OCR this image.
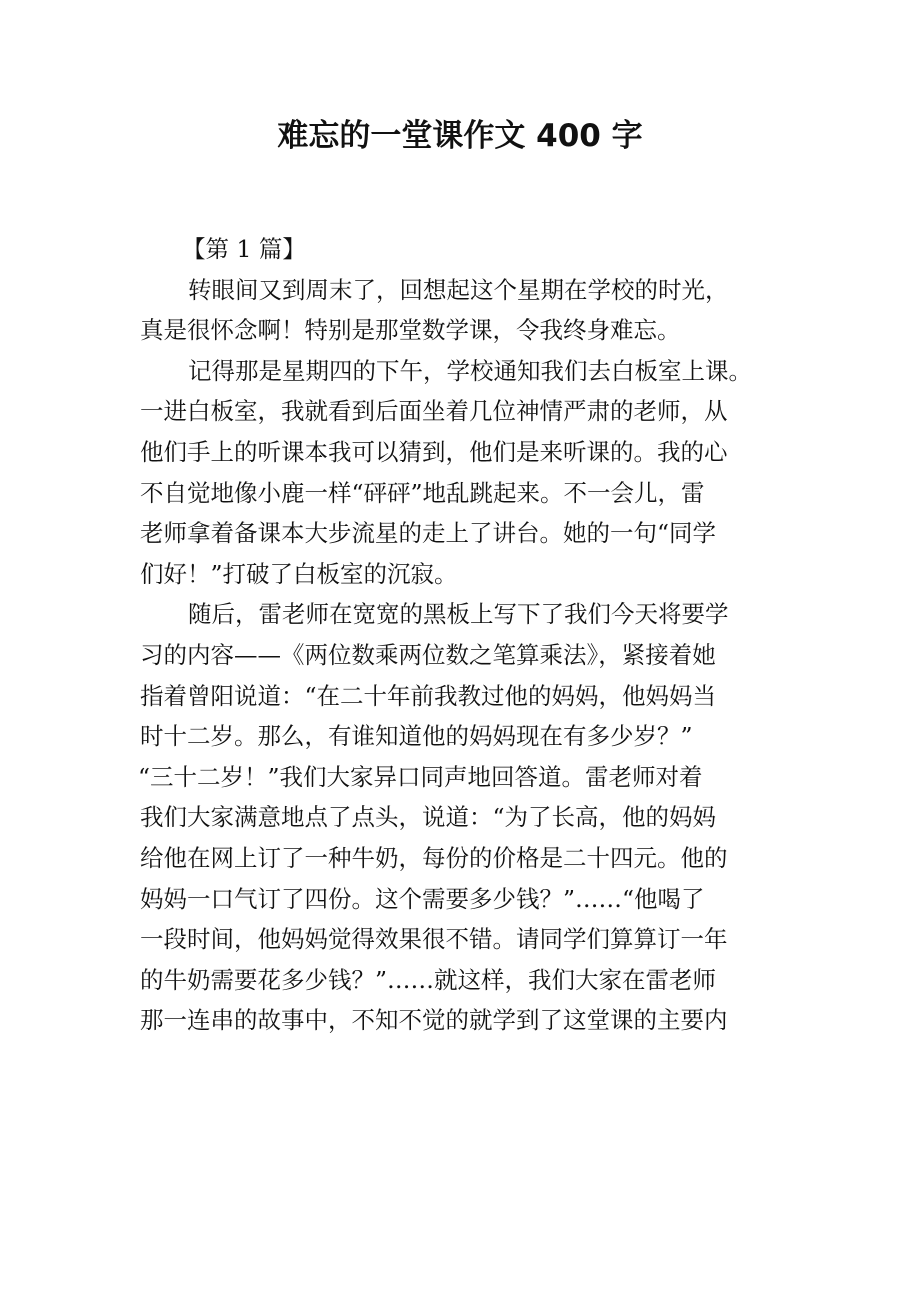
难忘的一堂课作文 400 字
【第 1 篇】
转眼间又到周末了，回想起这个星期在学校的时光，
真是很怀念啊！特别是那堂数学课，令我终身难忘。
记得那是星期四的下午，学校通知我们去白板室上课。
一进白板室，我就看到后面坐着几位神情严肃的老师，从
他们手上的听课本我可以猜到，他们是来听课的。我的心
不自觉地像小鹿一样“砰砰”地乱跳起来。不一会儿，雷
老师拿着备课本大步流星的走上了讲台。她的一句“同学
们好！”打破了白板室的沉寂。
随后，雷老师在宽宽的黑板上写下了我们今天将要学
习的内容——《两位数乘两位数之笔算乘法》，紧接着她
指着曾阳说道：“在二十年前我教过他的妈妈，他妈妈当
时十二岁。那么，有谁知道他的妈妈现在有多少岁？”
“三十二岁！”我们大家异口同声地回答道。雷老师对着
我们大家满意地点了点头，说道：“为了长高，他的妈妈
给他在网上订了一种牛奶，每份的价格是二十四元。他的
妈妈一口气订了四份。这个需要多少钱？”……“他喝了
一段时间，他妈妈觉得效果很不错。请同学们算算订一年
的牛奶需要花多少钱？”……就这样，我们大家在雷老师
那一连串的故事中，不知不觉的就学到了这堂课的主要内
